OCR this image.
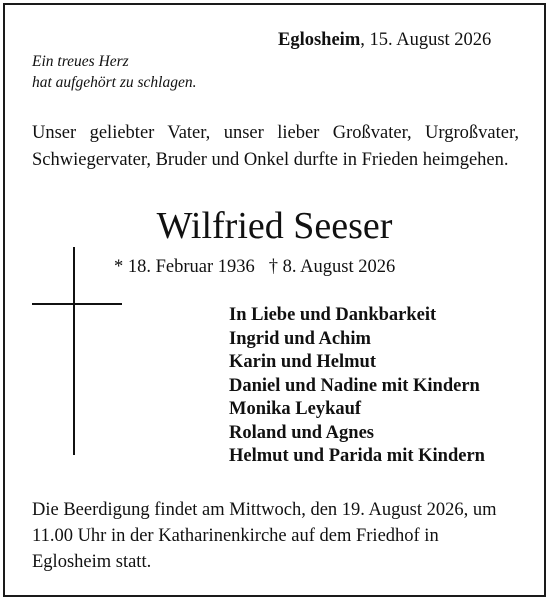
Eglosheim, 15. August 2026
Ein treues Herz
hat aufgehört zu schlagen.
Unser geliebter Vater, unser lieber Großvater, Urgroßvater, Schwiegervater, Bruder und Onkel durfte in Frieden heimgehen.
Wilfried Seeser
* 18. Februar 1936 † 8. August 2026
In Liebe und Dankbarkeit
Ingrid und Achim
Karin und Helmut
Daniel und Nadine mit Kindern
Monika Leykauf
Roland und Agnes
Helmut und Parida mit Kindern
Die Beerdigung findet am Mittwoch, den 19. August 2026, um 11.00 Uhr in der Katharinenkirche auf dem Friedhof in Eglosheim statt.
